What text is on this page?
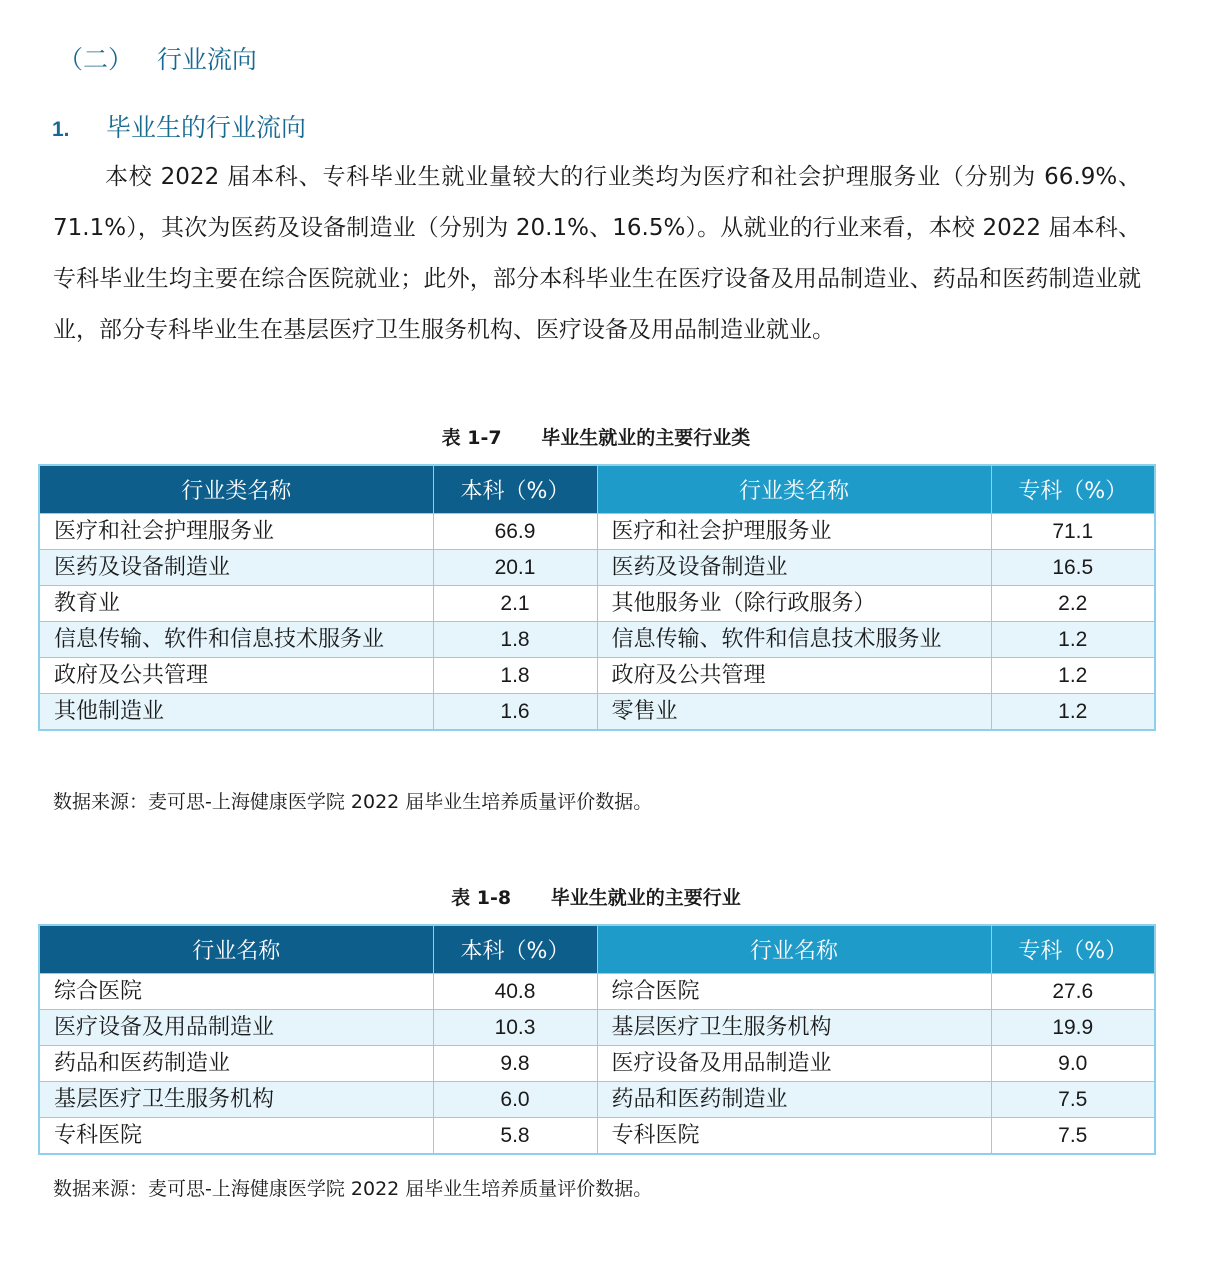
（二）   行业流向
1. 毕业生的行业流向

本校 2022 届本科、专科毕业生就业量较大的行业类均为医疗和社会护理服务业（分别为 66.9%、71.1%），其次为医药及设备制造业（分别为 20.1%、16.5%）。从就业的行业来看，本校 2022 届本科、专科毕业生均主要在综合医院就业；此外，部分本科毕业生在医疗设备及用品制造业、药品和医药制造业就业，部分专科毕业生在基层医疗卫生服务机构、医疗设备及用品制造业就业。

表 1-7      毕业生就业的主要行业类
行业类名称	本科（%）	行业类名称	专科（%）
医疗和社会护理服务业	66.9	医疗和社会护理服务业	71.1
医药及设备制造业	20.1	医药及设备制造业	16.5
教育业	2.1	其他服务业（除行政服务）	2.2
信息传输、软件和信息技术服务业	1.8	信息传输、软件和信息技术服务业	1.2
政府及公共管理	1.8	政府及公共管理	1.2
其他制造业	1.6	零售业	1.2
数据来源：麦可思-上海健康医学院 2022 届毕业生培养质量评价数据。
表 1-8      毕业生就业的主要行业
行业名称	本科（%）	行业名称	专科（%）
综合医院	40.8	综合医院	27.6
医疗设备及用品制造业	10.3	基层医疗卫生服务机构	19.9
药品和医药制造业	9.8	医疗设备及用品制造业	9.0
基层医疗卫生服务机构	6.0	药品和医药制造业	7.5
专科医院	5.8	专科医院	7.5
数据来源：麦可思-上海健康医学院 2022 届毕业生培养质量评价数据。
